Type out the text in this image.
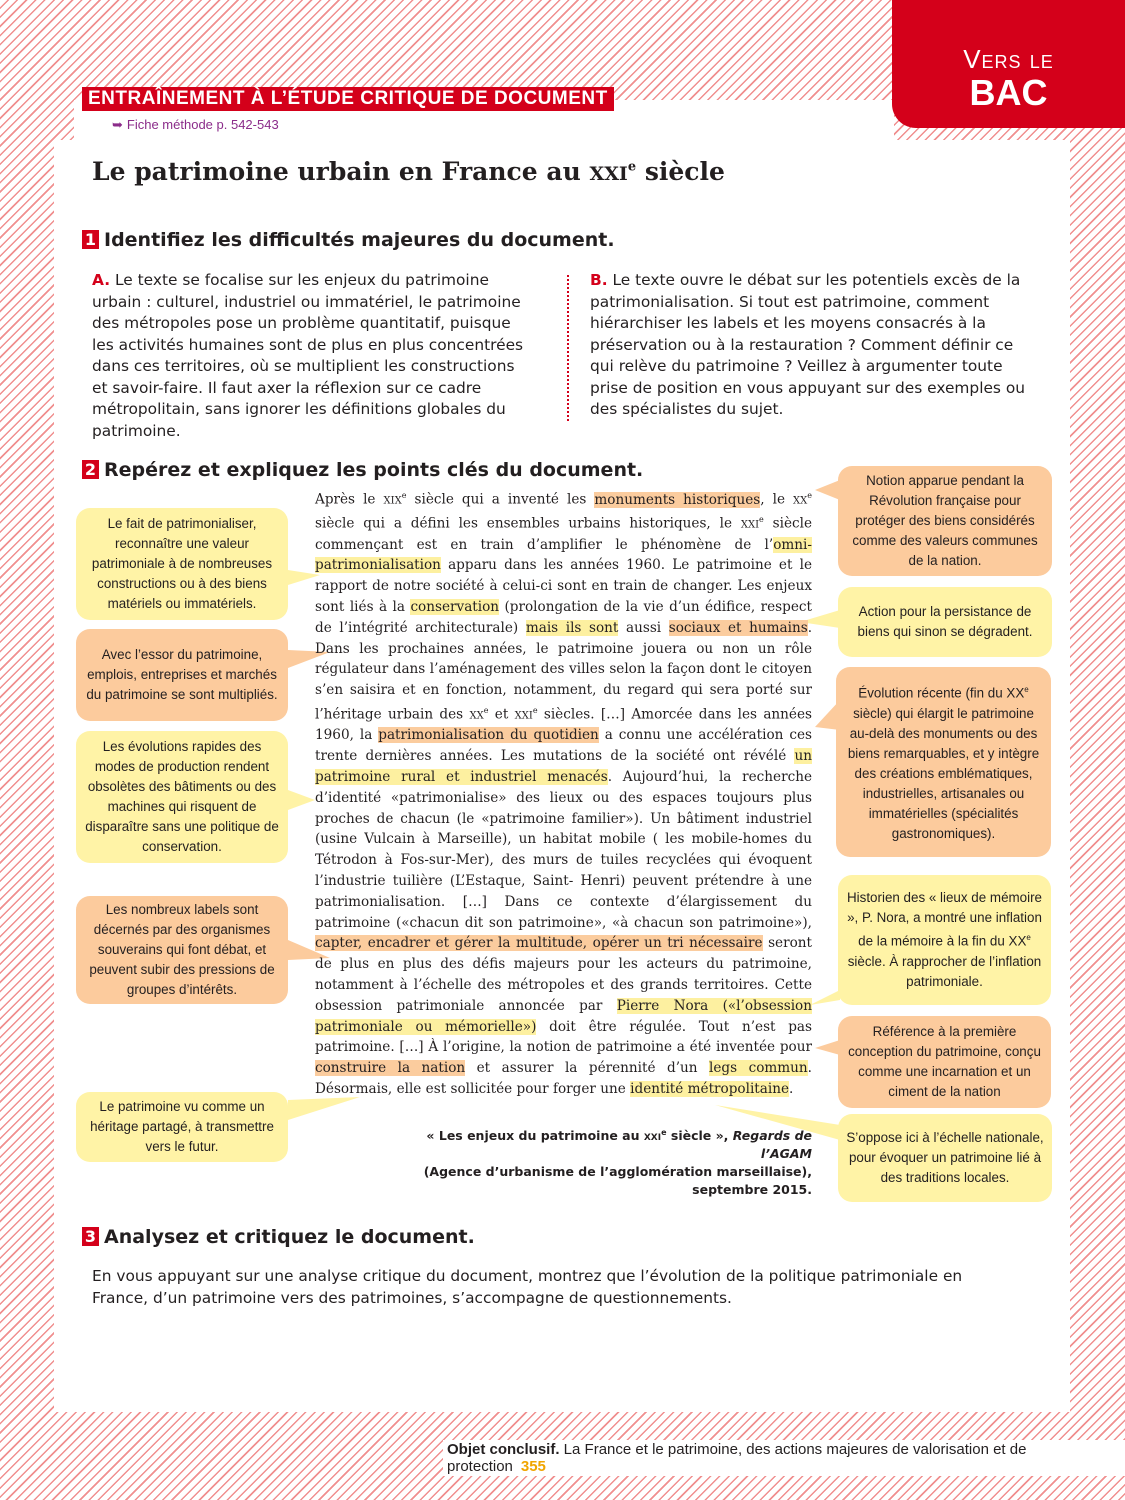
Vers le
BAC
ENTRAÎNEMENT À L’ÉTUDE CRITIQUE DE DOCUMENT
➥ Fiche méthode p. 542-543
Le patrimoine urbain en France au XXIe siècle
1 Identifiez les difficultés majeures du document.
A. Le texte se focalise sur les enjeux du patrimoine urbain : culturel, industriel ou immatériel, le patrimoine des métropoles pose un problème quantitatif, puisque les activités humaines sont de plus en plus concentrées dans ces territoires, où se multiplient les constructions et savoir-faire. Il faut axer la réflexion sur ce cadre métropolitain, sans ignorer les définitions globales du patrimoine.
B. Le texte ouvre le débat sur les potentiels excès de la patrimonialisation. Si tout est patrimoine, comment hiérarchiser les labels et les moyens consacrés à la préservation ou à la restauration ? Comment définir ce qui relève du patrimoine ? Veillez à argumenter toute prise de position en vous appuyant sur des exemples ou des spécialistes du sujet.
2 Repérez et expliquez les points clés du document.
Le fait de patrimonialiser, reconnaître une valeur patrimoniale à de nombreuses constructions ou à des biens matériels ou immatériels.
Avec l’essor du patrimoine, emplois, entreprises et marchés du patrimoine se sont multipliés.
Les évolutions rapides des modes de production rendent obsolètes des bâtiments ou des machines qui risquent de disparaître sans une politique de conservation.
Les nombreux labels sont décernés par des organismes souverains qui font débat, et peuvent subir des pressions de groupes d’intérêts.
Le patrimoine vu comme un héritage partagé, à transmettre vers le futur.
Notion apparue pendant la Révolution française pour protéger des biens considérés comme des valeurs communes de la nation.
Action pour la persistance de biens qui sinon se dégradent.
Évolution récente (fin du XXe siècle) qui élargit le patrimoine au-delà des monuments ou des biens remarquables, et y intègre des créations emblématiques, industrielles, artisanales ou immatérielles (spécialités gastronomiques).
Historien des « lieux de mémoire », P. Nora, a montré une inflation de la mémoire à la fin du XXe siècle. À rapprocher de l’inflation patrimoniale.
Référence à la première conception du patrimoine, conçu comme une incarnation et un ciment de la nation
S’oppose ici à l’échelle nationale, pour évoquer un patrimoine lié à des traditions locales.
Après le xix$^e$ siècle qui a inventé les monuments historiques, le $xx^e$ siècle qui a défini les ensembles urbains historiques, le xxi$^e$ siècle commençant est en train d’amplifier le phénomène de l’omni-patrimonialisation apparu dans les années 1960. Le patrimoine et le rapport de notre société à celui-ci sont en train de changer. Les enjeux sont liés à la conservation (prolongation de la vie d’un édifice, respect de l’intégrité architecturale) mais ils sont aussi sociaux et humains. Dans les prochaines années, le patrimoine jouera ou non un rôle régulateur dans l’aménagement des villes selon la façon dont le citoyen s’en saisira et en fonction, notamment, du regard qui sera porté sur l’héritage urbain des $xx^e$ et xxi$^e$ siècles. […] Amorcée dans les années 1960, la patrimonialisation du quotidien a connu une accélération ces trente dernières années. Les mutations de la société ont révélé un patrimoine rural et industriel menacés. Aujourd’hui, la recherche d’identité «patrimonialise» des lieux ou des espaces toujours plus proches de chacun (le «patrimoine familier»). Un bâtiment industriel (usine Vulcain à Marseille), un habitat mobile ( les mobile-homes du Tétrodon à Fos-sur-Mer), des murs de tuiles recyclées qui évoquent l’industrie tuilière (L’Estaque, Saint- Henri) peuvent prétendre à une patrimonialisation. […] Dans ce contexte d’élargissement du patrimoine («chacun dit son patrimoine», «à chacun son patrimoine»), capter, encadrer et gérer la multitude, opérer un tri nécessaire seront de plus en plus des défis majeurs pour les acteurs du patrimoine, notamment à l’échelle des métropoles et des grands territoires. Cette obsession patrimoniale annoncée par Pierre Nora («l’obsession patrimoniale ou mémorielle») doit être régulée. Tout n’est pas patrimoine. […] À l’origine, la notion de patrimoine a été inventée pour construire la nation et assurer la pérennité d’un legs commun. Désormais, elle est sollicitée pour forger une identité métropolitaine.
« Les enjeux du patrimoine au xxi$^e$ siècle », Regards de l’AGAM
(Agence d’urbanisme de l’agglomération marseillaise),
septembre 2015.
3 Analysez et critiquez le document.
En vous appuyant sur une analyse critique du document, montrez que l’évolution de la politique patrimoniale en France, d’un patrimoine vers des patrimoines, s’accompagne de questionnements.
Objet conclusif. La France et le patrimoine, des actions majeures de valorisation et de protection 355
